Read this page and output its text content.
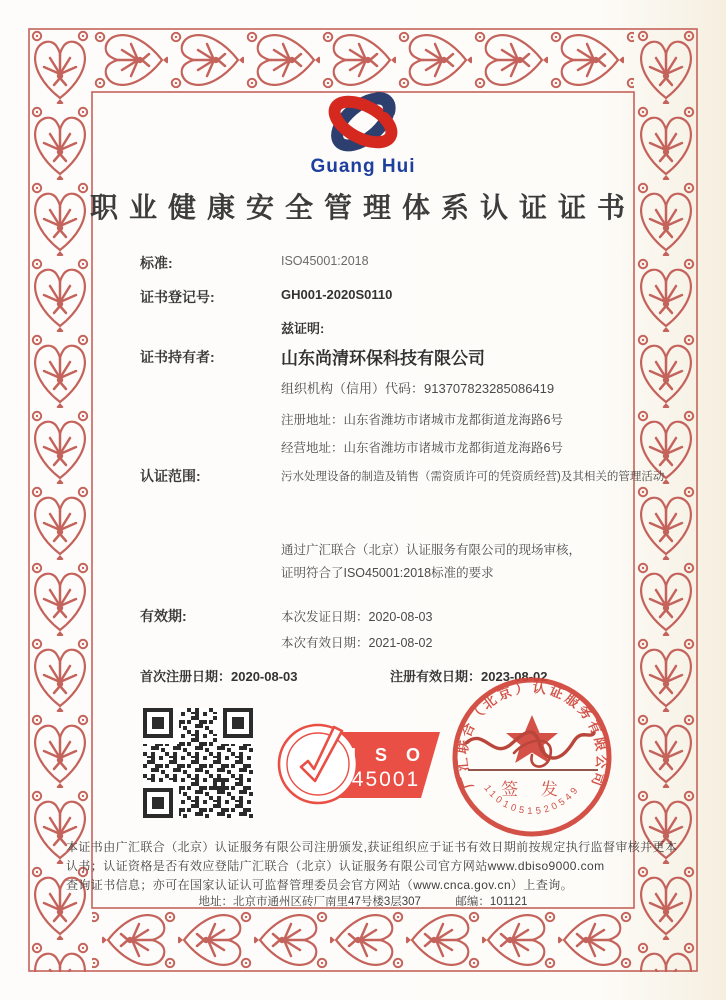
Guang Hui
职业健康安全管理体系认证证书
标准:	ISO45001:2018
证书登记号:	GH001-2020S0110
兹证明:
证书持有者:	山东尚清环保科技有限公司
组织机构（信用）代码：913707823285086419
注册地址：山东省潍坊市诸城市龙都街道龙海路6号
经营地址：山东省潍坊市诸城市龙都街道龙海路6号
认证范围:	污水处理设备的制造及销售（需资质许可的凭资质经营)及其相关的管理活动
通过广汇联合（北京）认证服务有限公司的现场审核，
证明符合了ISO45001:2018标准的要求
有效期:	本次发证日期：2020-08-03
本次有效日期：2021-08-02
首次注册日期：2020-08-03	注册有效日期：2023-08-02
I S O
45001	广汇联合（北京）认证服务有限公司
1101051520549
签 发
本证书由广汇联合（北京）认证服务有限公司注册颁发,获证组织应于证书有效日期前按规定执行监督审核并更本
认书；认证资格是否有效应登陆广汇联合（北京）认证服务有限公司官方网站www.dbiso9000.com
查询证书信息；亦可在国家认证认可监督管理委员会官方网站（www.cnca.gov.cn）上查询。
地址：北京市通州区砖厂南里47号楼3层307　　　邮编：101121
